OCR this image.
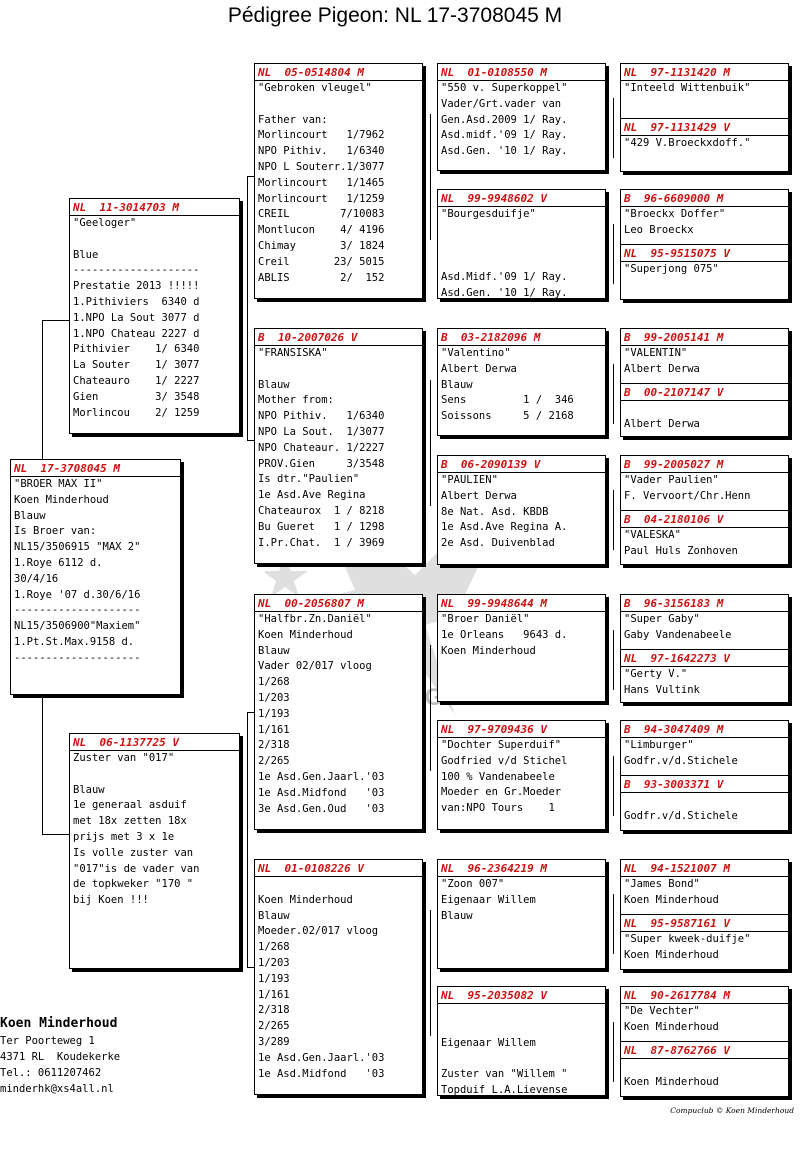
Pédigree Pigeon: NL 17-3708045 M
NL  17-3708045 M
"BROER MAX II"
Koen Minderhoud
Blauw
Is Broer van:
NL15/3506915 "MAX 2"
1.Roye 6112 d.
30/4/16
1.Roye '07 d.30/6/16
--------------------
NL15/3506900"Maxiem"
1.Pt.St.Max.9158 d.
--------------------
NL  11-3014703 M
"Geeloger"
Blue
--------------------
Prestatie 2013 !!!!!
1.Pithiviers  6340 d
1.NPO La Sout 3077 d
1.NPO Chateau 2227 d
Pithivier    1/ 6340
La Souter    1/ 3077
Chateauro    1/ 2227
Gien         3/ 3548
Morlincou    2/ 1259
NL  06-1137725 V
Zuster van "017"
Blauw
1e generaal asduif
met 18x zetten 18x
prijs met 3 x 1e
Is volle zuster van
"017"is de vader van
de topkweker "170 "
bij Koen !!!
NL  05-0514804 M
"Gebroken vleugel"
Father van:
Morlincourt   1/7962
NPO Pithiv.   1/6340
NPO L Souterr.1/3077
Morlincourt   1/1465
Morlincourt   1/1259
CREIL        7/10083
Montlucon    4/ 4196
Chimay       3/ 1824
Creil       23/ 5015
ABLIS        2/  152
B  10-2007026 V
"FRANSISKA"
Blauw
Mother from:
NPO Pithiv.   1/6340
NPO La Sout.  1/3077
NPO Chateaur. 1/2227
PROV.Gien     3/3548
Is dtr."Paulien"
1e Asd.Ave Regina
Chateaurox  1 / 8218
Bu Gueret   1 / 1298
I.Pr.Chat.  1 / 3969
NL  00-2056807 M
"Halfbr.Zn.Daniël"
Koen Minderhoud
Blauw
Vader 02/017 vloog
1/268
1/203
1/193
1/161
2/318
2/265
1e Asd.Gen.Jaarl.'03
1e Asd.Midfond   '03
3e Asd.Gen.Oud   '03
NL  01-0108226 V
Koen Minderhoud
Blauw
Moeder.02/017 vloog
1/268
1/203
1/193
1/161
2/318
2/265
3/289
1e Asd.Gen.Jaarl.'03
1e Asd.Midfond   '03
NL  01-0108550 M
"550 v. Superkoppel"
Vader/Grt.vader van
Gen.Asd.2009 1/ Ray.
Asd.midf.'09 1/ Ray.
Asd.Gen. '10 1/ Ray.
NL  99-9948602 V
"Bourgesduifje"
Asd.Midf.'09 1/ Ray.
Asd.Gen. '10 1/ Ray.
B  03-2182096 M
"Valentino"
Albert Derwa
Blauw
Sens         1 /  346
Soissons     5 / 2168
B  06-2090139 V
"PAULIEN"
Albert Derwa
8e Nat. Asd. KBDB
1e Asd.Ave Regina A.
2e Asd. Duivenblad
NL  99-9948644 M
"Broer Daniël"
1e Orleans   9643 d.
Koen Minderhoud
NL  97-9709436 V
"Dochter Superduif"
Godfried v/d Stichel
100 % Vandenabeele
Moeder en Gr.Moeder
van:NPO Tours    1
NL  96-2364219 M
"Zoon 007"
Eigenaar Willem
Blauw
NL  95-2035082 V
Eigenaar Willem
Zuster van "Willem "
Topduif L.A.Lievense
NL  97-1131420 M
"Inteeld Wittenbuik"
NL  97-1131429 V
"429 V.Broeckxdoff."
B  96-6609000 M
"Broeckx Doffer"
Leo Broeckx
NL  95-9515075 V
"Superjong 075"
B  99-2005141 M
"VALENTIN"
Albert Derwa
B  00-2107147 V
Albert Derwa
B  99-2005027 M
"Vader Paulien"
F. Vervoort/Chr.Henn
B  04-2180106 V
"VALESKA"
Paul Huls Zonhoven
B  96-3156183 M
"Super Gaby"
Gaby Vandenabeele
NL  97-1642273 V
"Gerty V."
Hans Vultink
B  94-3047409 M
"Limburger"
Godfr.v/d.Stichele
B  93-3003371 V
Godfr.v/d.Stichele
NL  94-1521007 M
"James Bond"
Koen Minderhoud
NL  95-9587161 V
"Super kweek-duifje"
Koen Minderhoud
NL  90-2617784 M
"De Vechter"
Koen Minderhoud
NL  87-8762766 V
Koen Minderhoud
Koen Minderhoud
Ter Poorteweg 1
4371 RL  Koudekerke
Tel.: 0611207462
minderhk@xs4all.nl
Compuclub © Koen Minderhoud
